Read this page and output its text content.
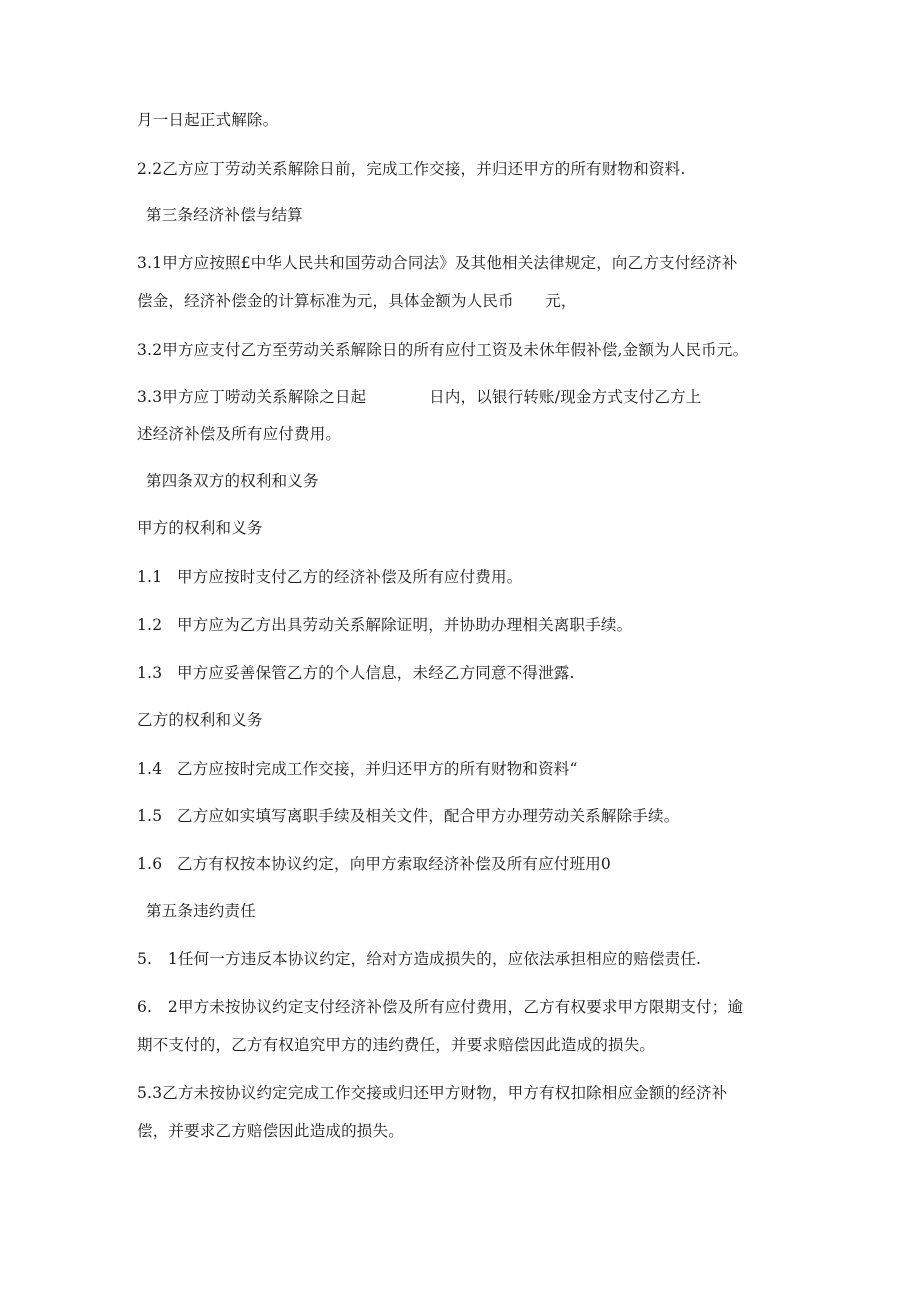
月一日起正式解除。
2.2乙方应丁劳动关系解除日前，完成工作交接，并归还甲方的所有财物和资料.
第三条经济补偿与结算
3.1甲方应按照£中华人民共和国劳动合同法》及其他相关法律规定，向乙方支付经济补
偿金，经济补偿金的计算标准为元，具体金额为人民币　　元，
3.2甲方应支付乙方至劳动关系解除日的所有应付工资及未休年假补偿,金额为人民币元。
3.3甲方应丁唠动关系解除之日起　　　　日内，以银行转账/现金方式支付乙方上
述经济补偿及所有应付费用。
第四条双方的权利和义务
甲方的权利和义务
1.1 甲方应按时支付乙方的经济补偿及所有应付费用。
1.2 甲方应为乙方出具劳动关系解除证明，并协助办理相关离职手续。
1.3 甲方应妥善保管乙方的个人信息，未经乙方同意不得泄露.
乙方的权利和义务
1.4 乙方应按时完成工作交接，并归还甲方的所有财物和资料“
1.5 乙方应如实填写离职手续及相关文件，配合甲方办理劳动关系解除手续。
1.6 乙方有权按本协议约定，向甲方索取经济补偿及所有应付班用0
第五条违约责任
5.　1任何一方违反本协议约定，给对方造成损失的，应依法承担相应的赔偿责任.
6.　2甲方未按协议约定支付经济补偿及所有应付费用，乙方有权要求甲方限期支付；逾
期不支付的，乙方有权追究甲方的违约费任，并要求赔偿因此造成的损失。
5.3乙方未按协议约定完成工作交接或归还甲方财物，甲方有权扣除相应金额的经济补
偿，并要求乙方赔偿因此造成的损失。
